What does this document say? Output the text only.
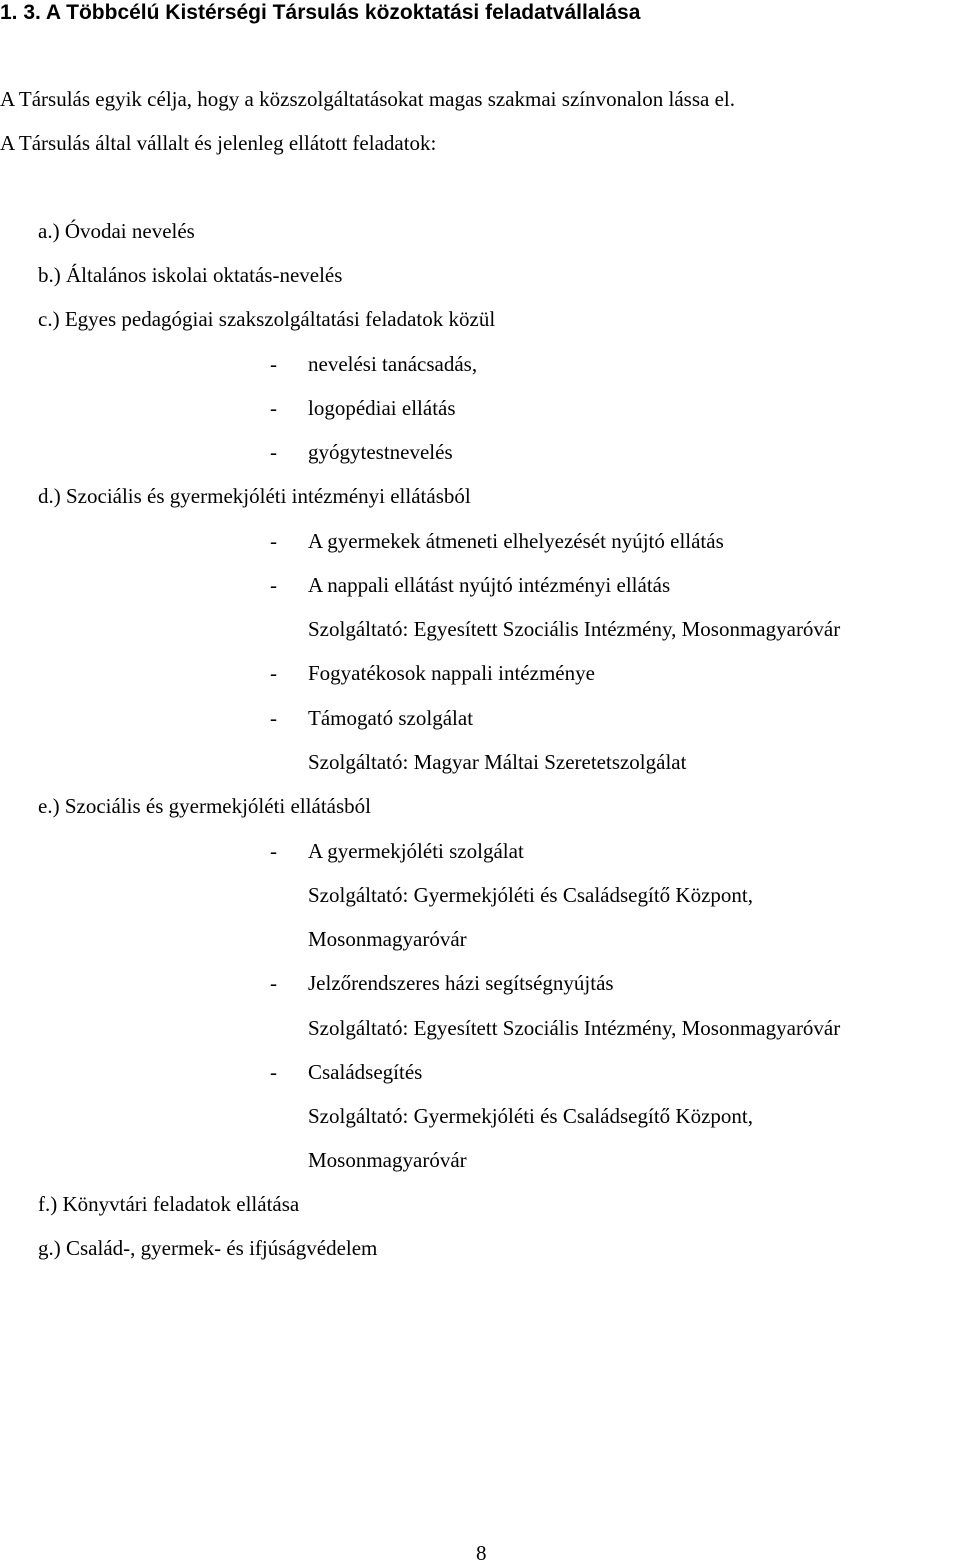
1. 3. A Többcélú Kistérségi Társulás közoktatási feladatvállalása
A Társulás egyik célja, hogy a közszolgáltatásokat magas szakmai színvonalon lássa el.
A Társulás által vállalt és jelenleg ellátott feladatok:
a.) Óvodai nevelés
b.) Általános iskolai oktatás-nevelés
c.) Egyes pedagógiai szakszolgáltatási feladatok közül
- nevelési tanácsadás,
- logopédiai ellátás
- gyógytestnevelés
d.) Szociális és gyermekjóléti intézményi ellátásból
- A gyermekek átmeneti elhelyezését nyújtó ellátás
- A nappali ellátást nyújtó intézményi ellátás
Szolgáltató: Egyesített Szociális Intézmény, Mosonmagyaróvár
- Fogyatékosok nappali intézménye
- Támogató szolgálat
Szolgáltató: Magyar Máltai Szeretetszolgálat
e.) Szociális és gyermekjóléti ellátásból
- A gyermekjóléti szolgálat
Szolgáltató: Gyermekjóléti és Családsegítő Központ,
Mosonmagyaróvár
- Jelzőrendszeres házi segítségnyújtás
Szolgáltató: Egyesített Szociális Intézmény, Mosonmagyaróvár
- Családsegítés
Szolgáltató: Gyermekjóléti és Családsegítő Központ,
Mosonmagyaróvár
f.) Könyvtári feladatok ellátása
g.) Család-, gyermek- és ifjúságvédelem
8
